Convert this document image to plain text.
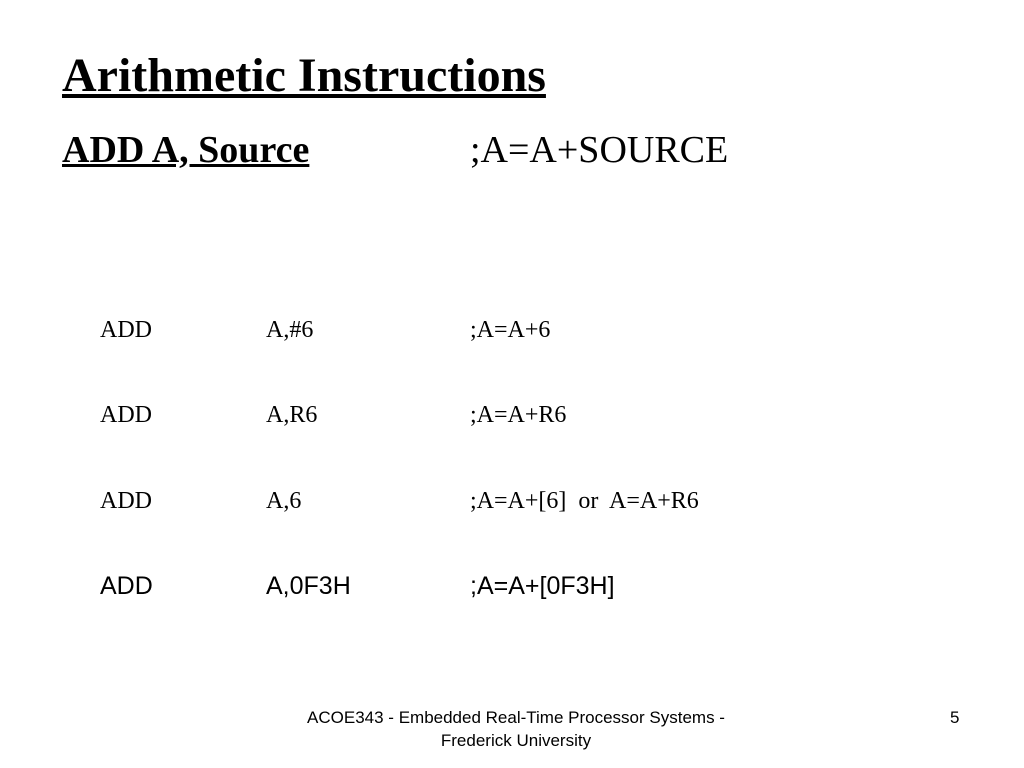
Arithmetic Instructions
ADD A, Source	;A=A+SOURCE
ADD	A,#6	;A=A+6
ADD	A,R6	;A=A+R6
ADD	A,6	;A=A+[6]  or  A=A+R6
ADD	A,0F3H	;A=A+[0F3H]
ACOE343 - Embedded Real-Time Processor Systems -
Frederick University
5
